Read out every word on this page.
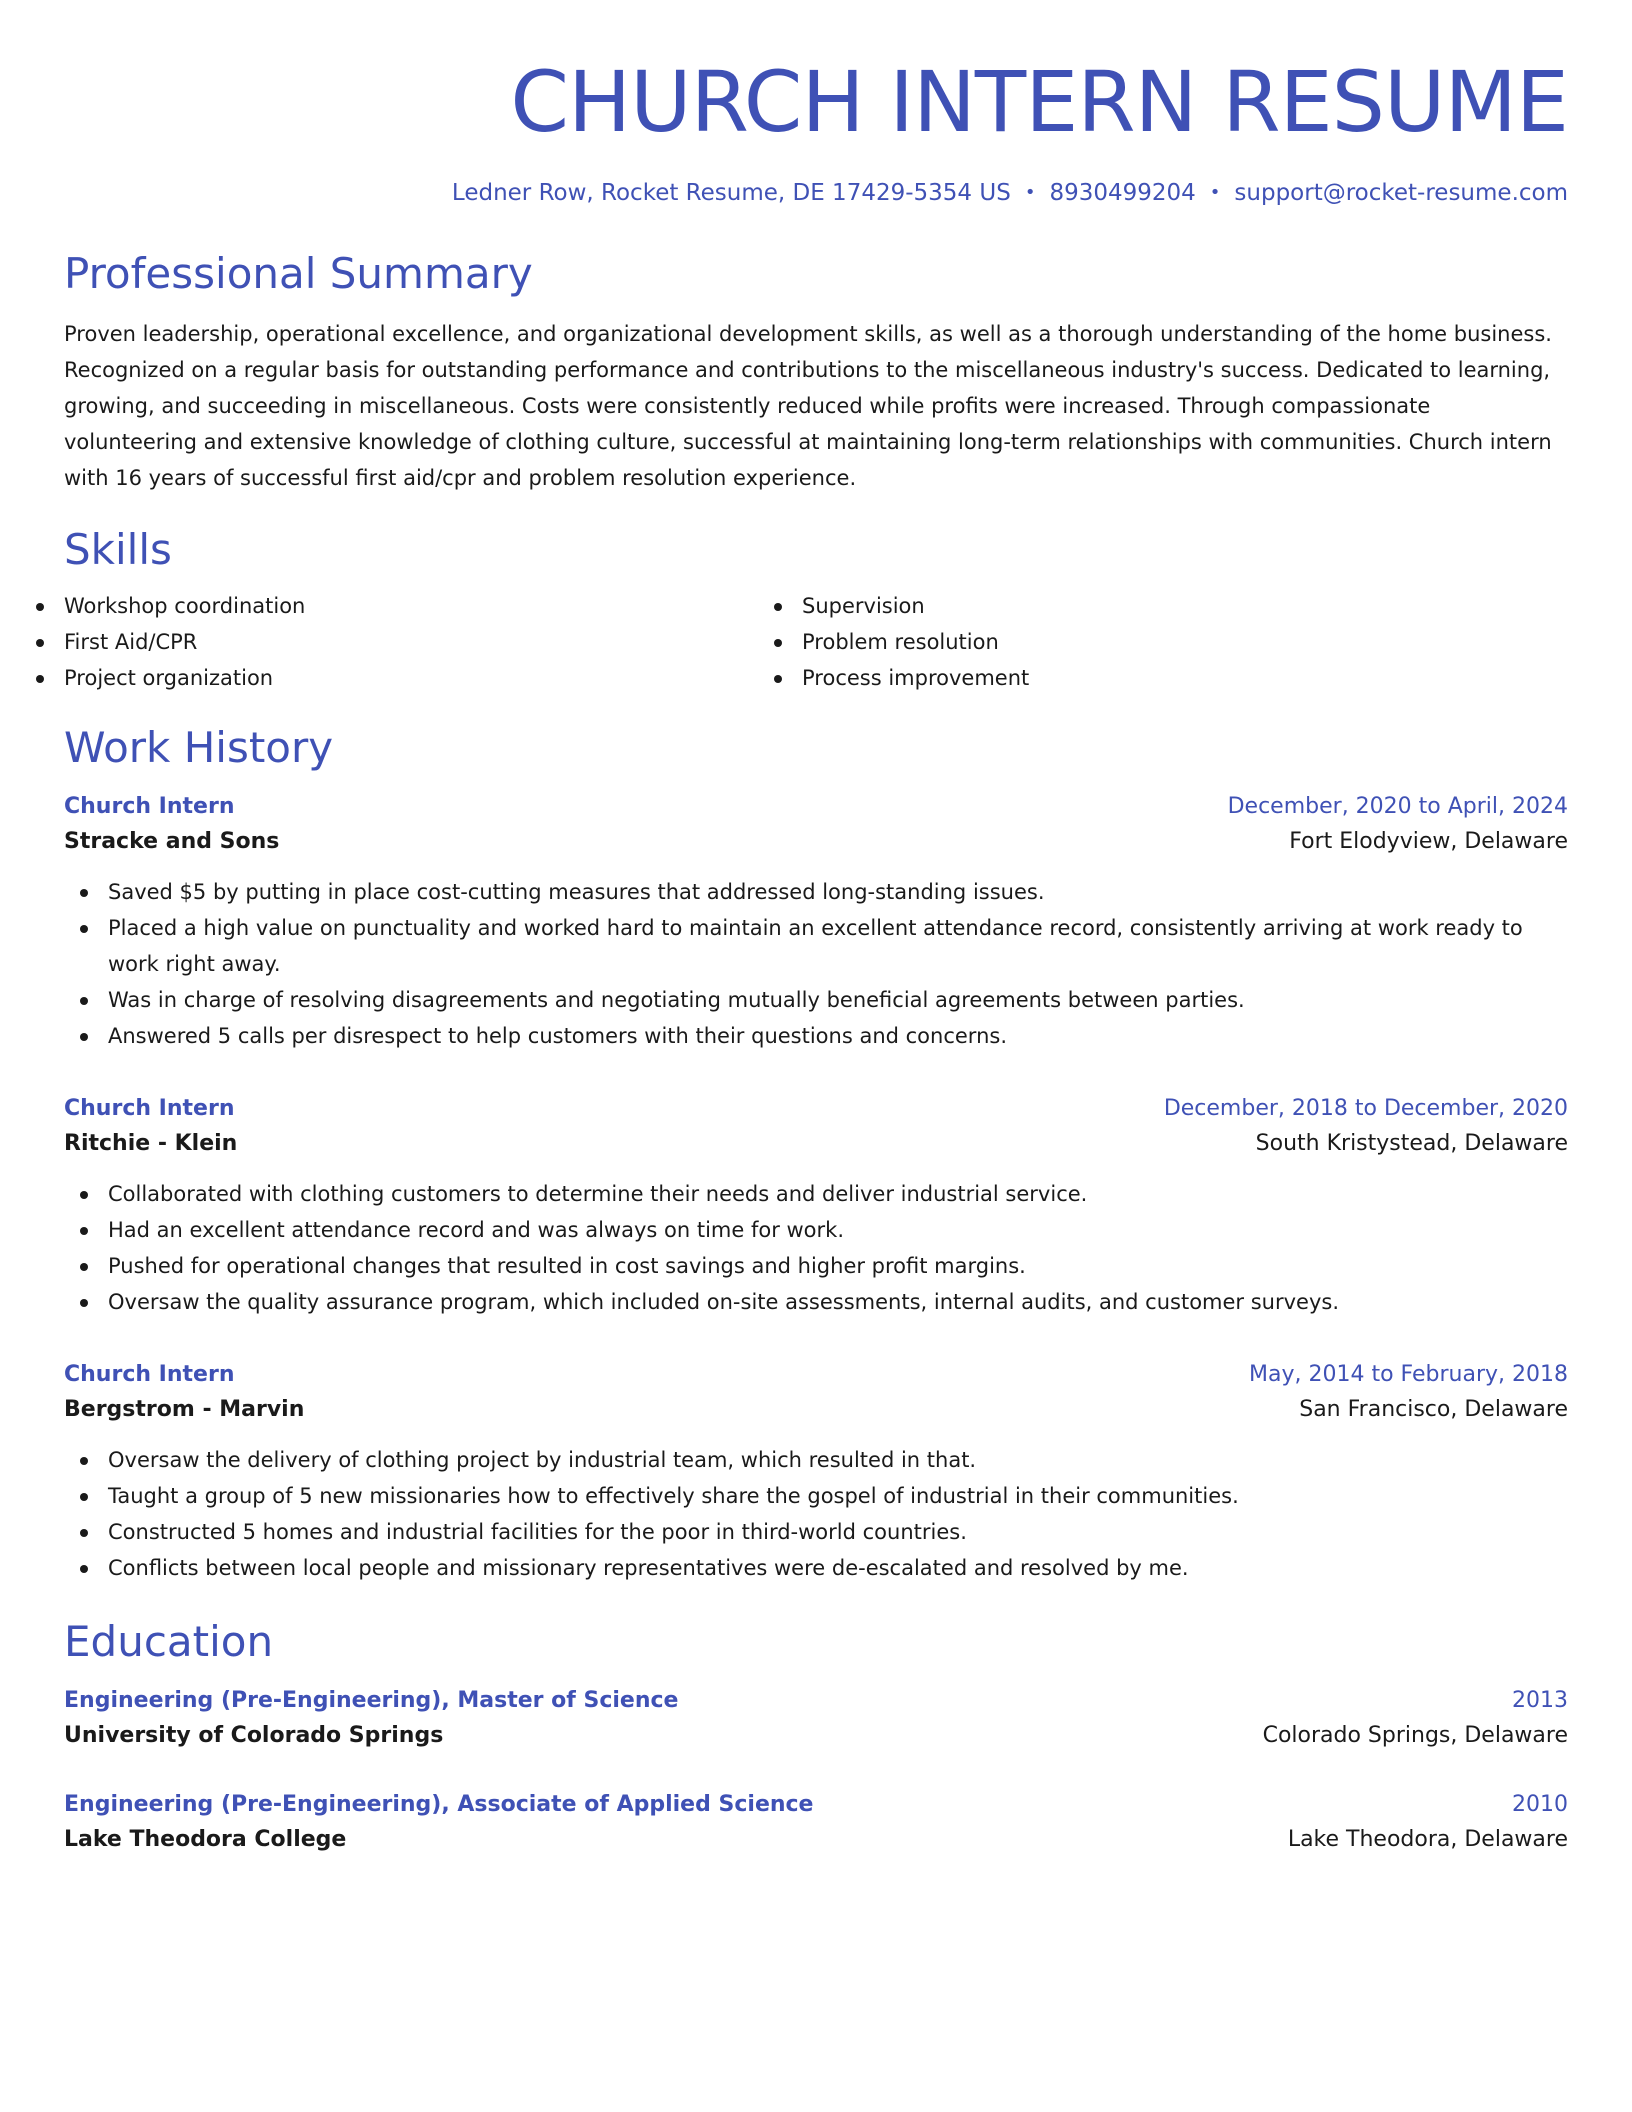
CHURCH INTERN RESUME
Ledner Row, Rocket Resume, DE 17429-5354 US • 8930499204 • support@rocket-resume.com
Professional Summary

Proven leadership, operational excellence, and organizational development skills, as well as a thorough understanding of the home business. Recognized on a regular basis for outstanding performance and contributions to the miscellaneous industry's success. Dedicated to learning, growing, and succeeding in miscellaneous. Costs were consistently reduced while profits were increased. Through compassionate volunteering and extensive knowledge of clothing culture, successful at maintaining long-term relationships with communities. Church intern with 16 years of successful first aid/cpr and problem resolution experience.

Skills
Workshop coordination
First Aid/CPR
Project organization
Supervision
Problem resolution
Process improvement
Work History
Church Intern	December, 2020 to April, 2024
Stracke and Sons	Fort Elodyview, Delaware
Saved $5 by putting in place cost-cutting measures that addressed long-standing issues.
Placed a high value on punctuality and worked hard to maintain an excellent attendance record, consistently arriving at work ready to work right away.
Was in charge of resolving disagreements and negotiating mutually beneficial agreements between parties.
Answered 5 calls per disrespect to help customers with their questions and concerns.
Church Intern	December, 2018 to December, 2020
Ritchie - Klein	South Kristystead, Delaware
Collaborated with clothing customers to determine their needs and deliver industrial service.
Had an excellent attendance record and was always on time for work.
Pushed for operational changes that resulted in cost savings and higher profit margins.
Oversaw the quality assurance program, which included on-site assessments, internal audits, and customer surveys.
Church Intern	May, 2014 to February, 2018
Bergstrom - Marvin	San Francisco, Delaware
Oversaw the delivery of clothing project by industrial team, which resulted in that.
Taught a group of 5 new missionaries how to effectively share the gospel of industrial in their communities.
Constructed 5 homes and industrial facilities for the poor in third-world countries.
Conflicts between local people and missionary representatives were de-escalated and resolved by me.
Education
Engineering (Pre-Engineering), Master of Science	2013
University of Colorado Springs	Colorado Springs, Delaware
Engineering (Pre-Engineering), Associate of Applied Science	2010
Lake Theodora College	Lake Theodora, Delaware
